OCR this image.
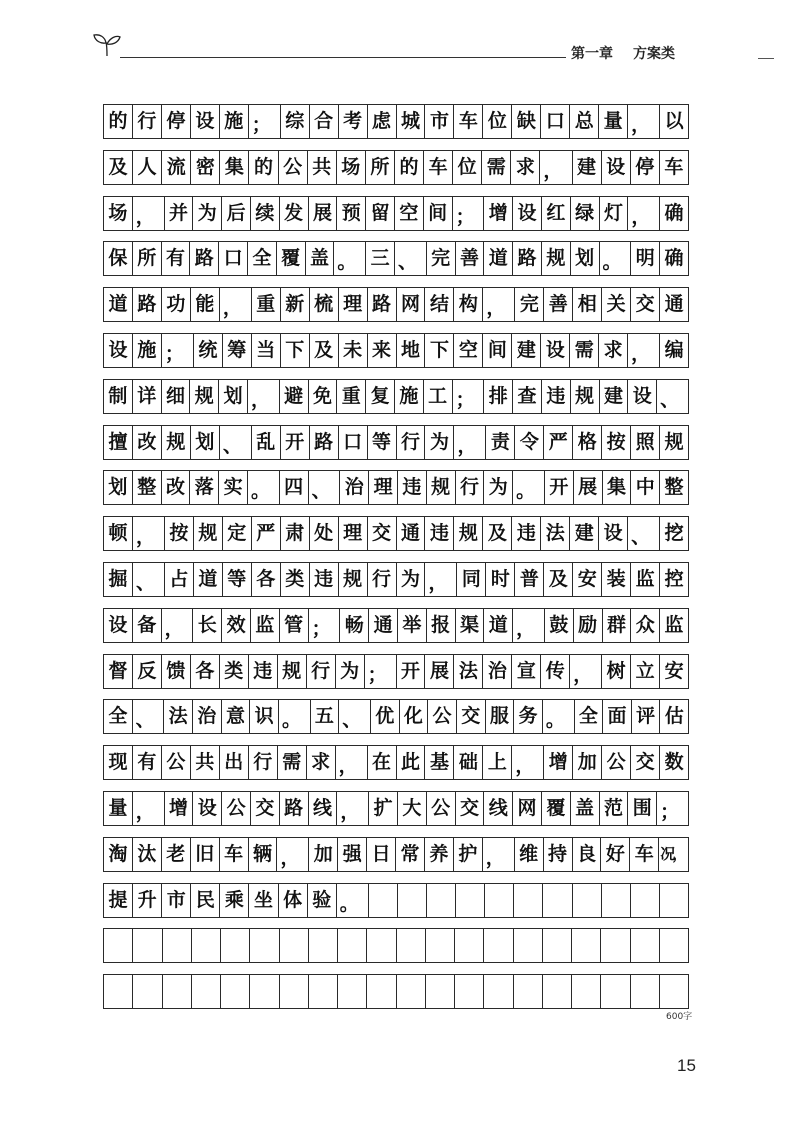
第一章 方案类
的 行 停 设 施 ； 综 合 考 虑 城 市 车 位 缺 口 总 量 ， 以
及 人 流 密 集 的 公 共 场 所 的 车 位 需 求 ， 建 设 停 车
场 ， 并 为 后 续 发 展 预 留 空 间 ； 增 设 红 绿 灯 ， 确
保 所 有 路 口 全 覆 盖 。 三 、 完 善 道 路 规 划 。 明 确
道 路 功 能 ， 重 新 梳 理 路 网 结 构 ， 完 善 相 关 交 通
设 施 ； 统 筹 当 下 及 未 来 地 下 空 间 建 设 需 求 ， 编
制 详 细 规 划 ， 避 免 重 复 施 工 ； 排 查 违 规 建 设 、
擅 改 规 划 、 乱 开 路 口 等 行 为 ， 责 令 严 格 按 照 规
划 整 改 落 实 。 四 、 治 理 违 规 行 为 。 开 展 集 中 整
顿 ， 按 规 定 严 肃 处 理 交 通 违 规 及 违 法 建 设 、 挖
掘 、 占 道 等 各 类 违 规 行 为 ， 同 时 普 及 安 装 监 控
设 备 ， 长 效 监 管 ； 畅 通 举 报 渠 道 ， 鼓 励 群 众 监
督 反 馈 各 类 违 规 行 为 ； 开 展 法 治 宣 传 ， 树 立 安
全 、 法 治 意 识 。 五 、 优 化 公 交 服 务 。 全 面 评 估
现 有 公 共 出 行 需 求 ， 在 此 基 础 上 ， 增 加 公 交 数
量 ， 增 设 公 交 路 线 ， 扩 大 公 交 线 网 覆 盖 范 围 ；
淘 汰 老 旧 车 辆 ， 加 强 日 常 养 护 ， 维 持 良 好 车 况，
提 升 市 民 乘 坐 体 验 。
600字
15
